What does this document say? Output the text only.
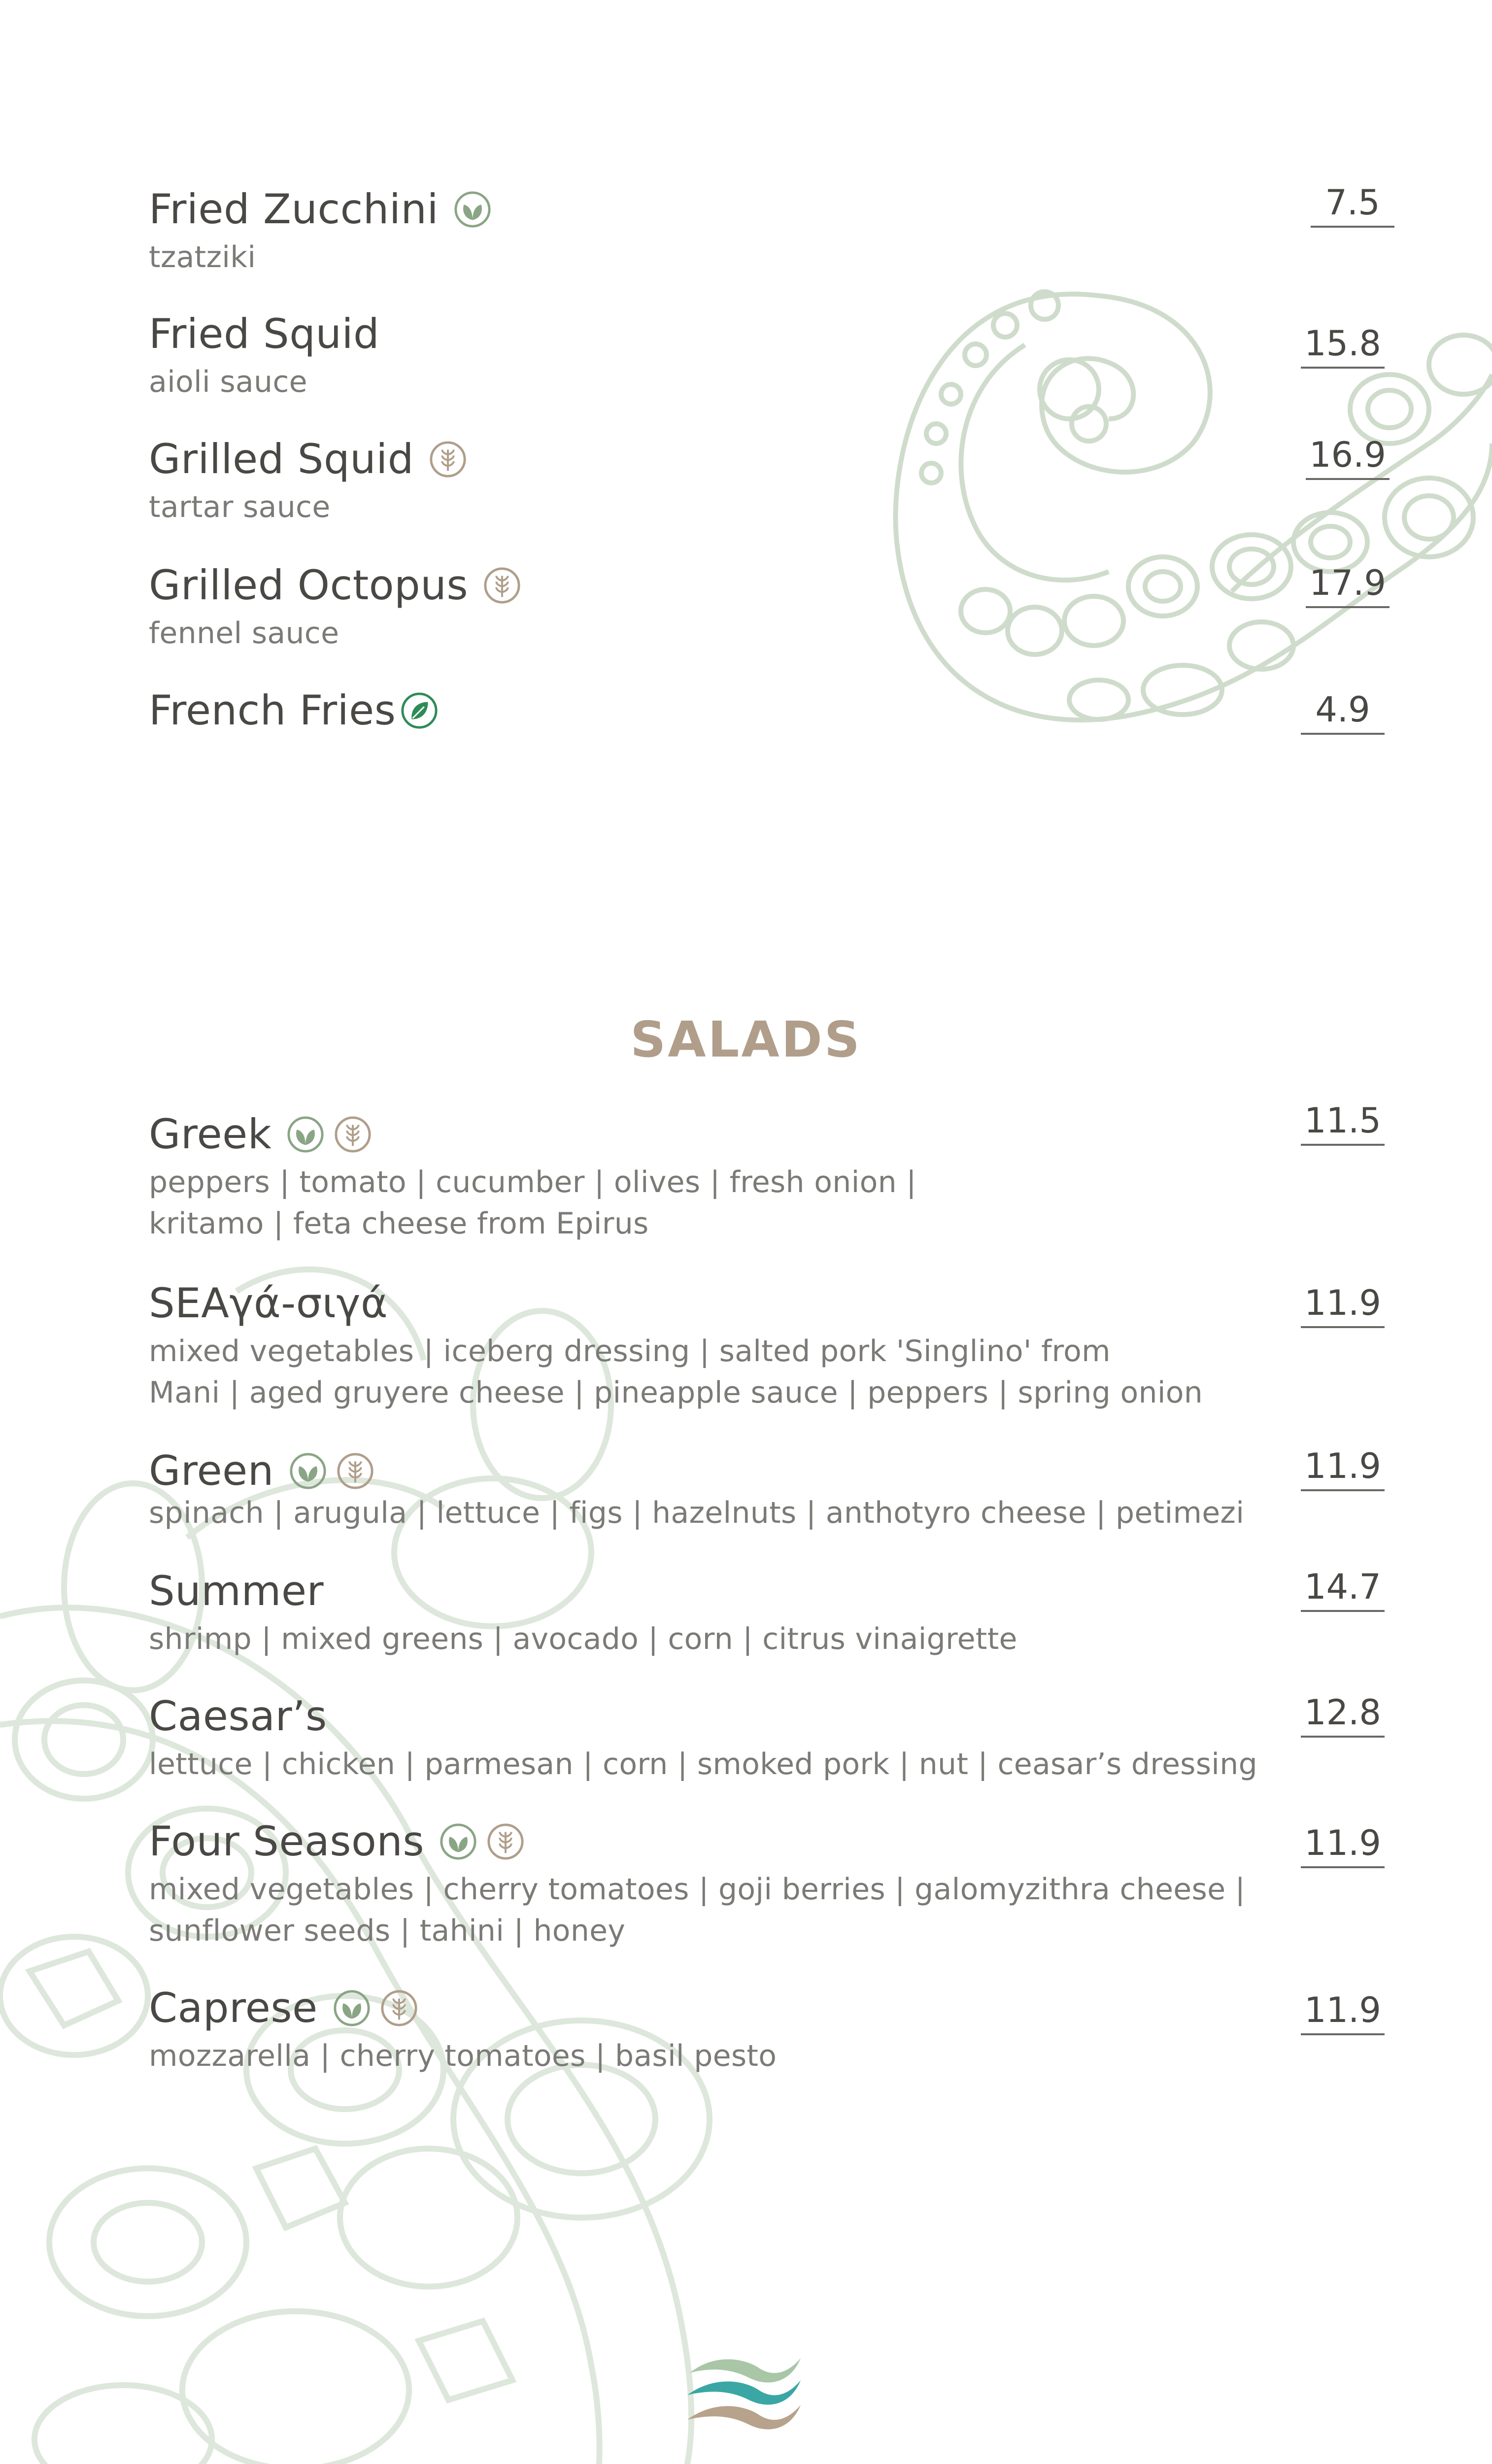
Fried Zucchini
tzatziki
7.5
Fried Squid
aioli sauce
15.8
Grilled Squid
tartar sauce
16.9
Grilled Octopus
fennel sauce
17.9
French Fries	4.9
SALADS
Greek
peppers | tomato | cucumber | olives | fresh onion |
kritamo | feta cheese from Epirus
11.5
SEAγά-σιγά
mixed vegetables | iceberg dressing | salted pork 'Singlino' from
Mani | aged gruyere cheese | pineapple sauce | peppers | spring onion
11.9
Green
spinach | arugula | lettuce | figs | hazelnuts | anthotyro cheese | petimezi
11.9
Summer
shrimp | mixed greens | avocado | corn | citrus vinaigrette
14.7
Caesar’s
lettuce | chicken | parmesan | corn | smoked pork | nut | ceasar’s dressing
12.8
Four Seasons
mixed vegetables | cherry tomatoes | goji berries | galomyzithra cheese |
sunflower seeds | tahini | honey
11.9
Caprese
mozzarella | cherry tomatoes | basil pesto
11.9
